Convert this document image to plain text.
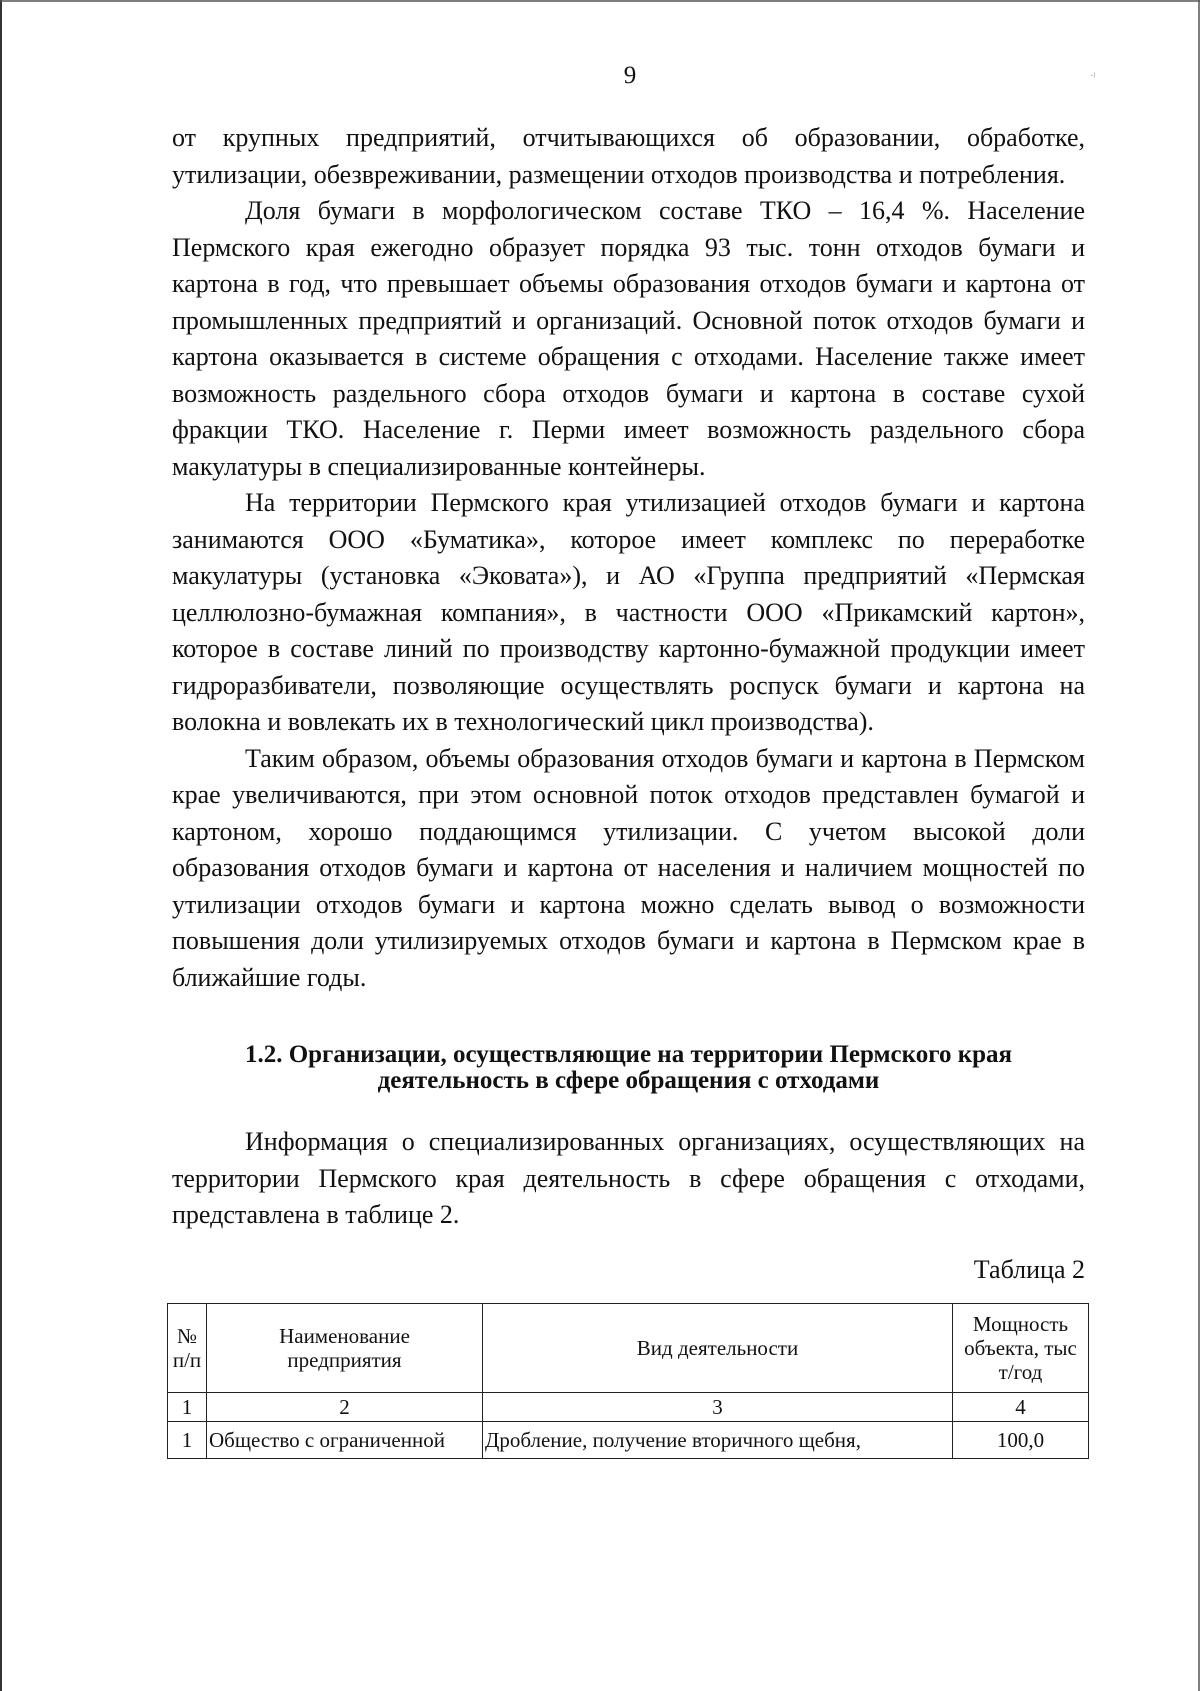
9	·ʲ

от крупных предприятий, отчитывающихся об образовании, обработке, утилизации, обезвреживании, размещении отходов производства и потребления.

Доля бумаги в морфологическом составе ТКО – 16,4 %. Население Пермского края ежегодно образует порядка 93 тыс. тонн отходов бумаги и картона в год, что превышает объемы образования отходов бумаги и картона от промышленных предприятий и организаций. Основной поток отходов бумаги и картона оказывается в системе обращения с отходами. Население также имеет возможность раздельного сбора отходов бумаги и картона в составе сухой фракции ТКО. Население г. Перми имеет возможность раздельного сбора макулатуры в специализированные контейнеры.

На территории Пермского края утилизацией отходов бумаги и картона занимаются ООО «Буматика», которое имеет комплекс по переработке макулатуры (установка «Эковата»), и АО «Группа предприятий «Пермская целлюлозно-бумажная компания», в частности ООО «Прикамский картон», которое в составе линий по производству картонно-бумажной продукции имеет гидроразбиватели, позволяющие осуществлять роспуск бумаги и картона на волокна и вовлекать их в технологический цикл производства).

Таким образом, объемы образования отходов бумаги и картона в Пермском крае увеличиваются, при этом основной поток отходов представлен бумагой и картоном, хорошо поддающимся утилизации. С учетом высокой доли образования отходов бумаги и картона от населения и наличием мощностей по утилизации отходов бумаги и картона можно сделать вывод о возможности повышения доли утилизируемых отходов бумаги и картона в Пермском крае в ближайшие годы.

1.2. Организации, осуществляющие на территории Пермского края
деятельность в сфере обращения с отходами

Информация о специализированных организациях, осуществляющих на территории Пермского края деятельность в сфере обращения с отходами, представлена в таблице 2.

Таблица 2
№ п/п	Наименование предприятия	Вид деятельности	Мощность объекта, тыс т/год

1	2	3	4
1	Общество с ограниченной	Дробление, получение вторичного щебня,	100,0
